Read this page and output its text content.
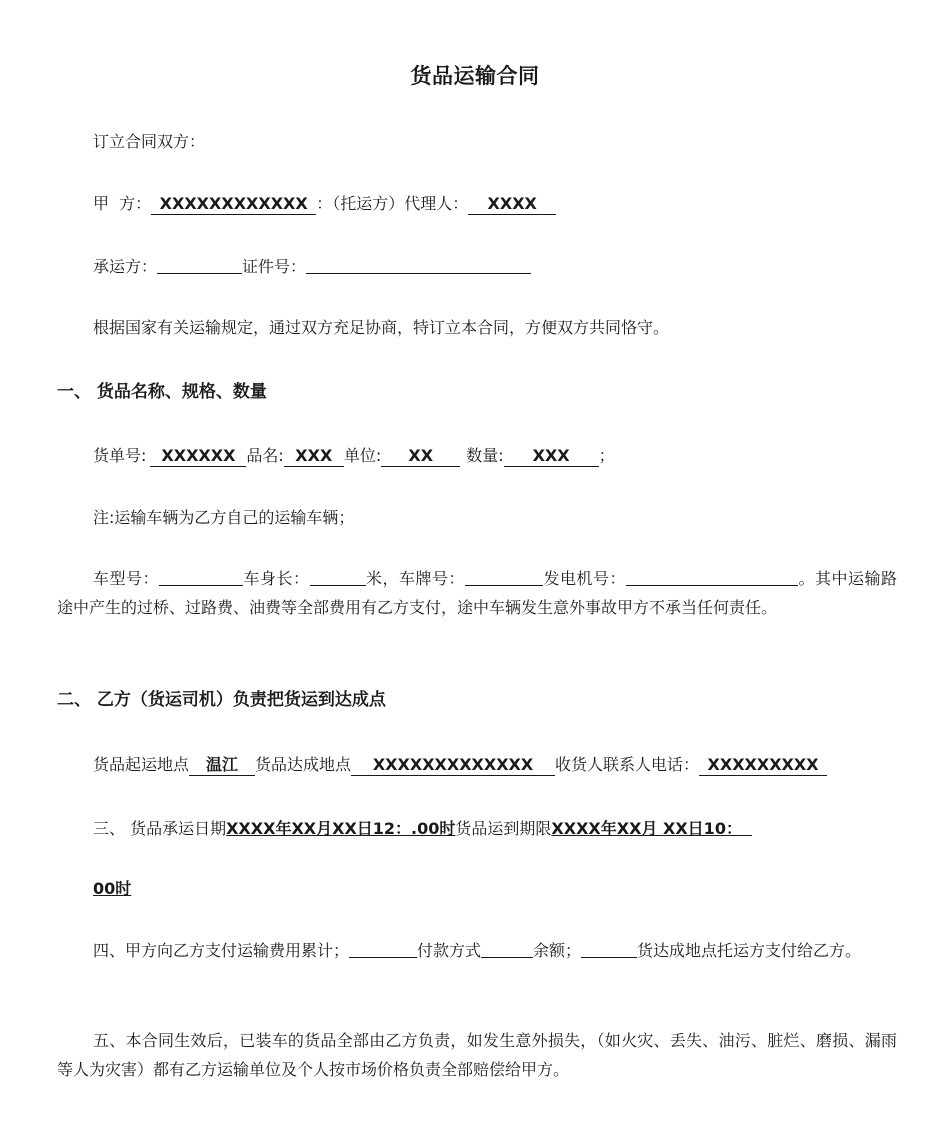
货品运输合同
订立合同双方：
甲  方： XXXXXXXXXXXX ：（托运方）代理人： XXXX
承运方：	证件号：
根据国家有关运输规定，通过双方充足协商，特订立本合同，方便双方共同恪守。
一、 货品名称、规格、数量
货单号: XXXXXX 品名: XXX 单位: XX 数量: XXX ；
注:运输车辆为乙方自己的运输车辆；
车型号：	车身长：	米，车牌号：	发电机号：	。其中运输路途中产生的过桥、过路费、油费等全部费用有乙方支付，途中车辆发生意外事故甲方不承当任何责任。
二、 乙方（货运司机）负责把货运到达成点
货品起运地点 温江 货品达成地点 XXXXXXXXXXXXX 收货人联系人电话： XXXXXXXXX
三、 货品承运日期XXXX年XX月XX日12：.00时货品运到期限XXXX年XX月 XX日10：
00时
四、甲方向乙方支付运输费用累计；	付款方式	余额；	货达成地点托运方支付给乙方。
五、本合同生效后，已装车的货品全部由乙方负责，如发生意外损失，（如火灾、丢失、油污、脏烂、磨损、漏雨等人为灾害）都有乙方运输单位及个人按市场价格负责全部赔偿给甲方。
